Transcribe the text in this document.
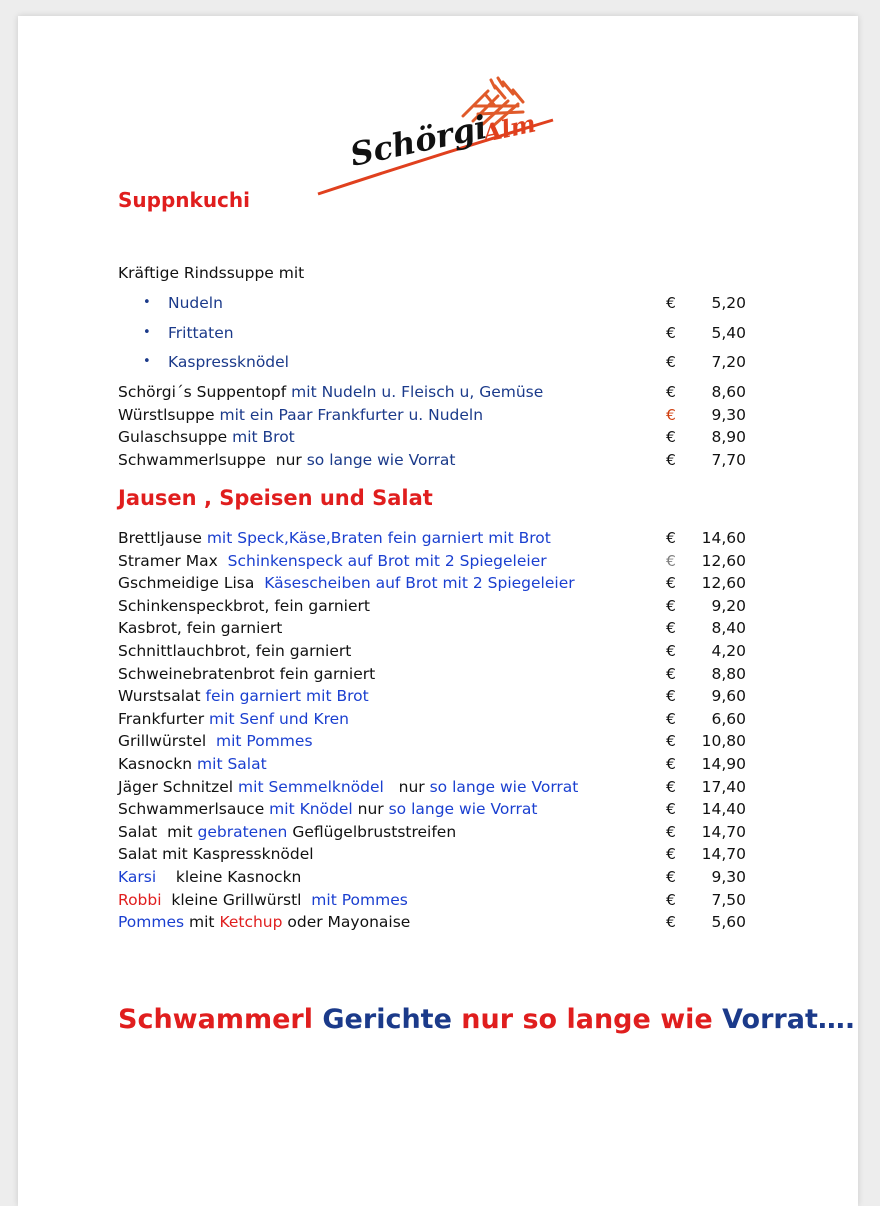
Schörgi
Alm
Suppnkuchi
Kräftige Rindssuppe mit
• Nudeln	€ 5,20
• Frittaten	€ 5,40
• Kaspressknödel	€ 7,20
Schörgi´s Suppentopf mit Nudeln u. Fleisch u, Gemüse	€ 8,60
Würstlsuppe mit ein Paar Frankfurter u. Nudeln	€ 9,30
Gulaschsuppe mit Brot	€ 8,90
Schwammerlsuppe  nur so lange wie Vorrat	€ 7,70
Jausen , Speisen und Salat
Schwammerl Gerichte nur so lange wie Vorrat….
Brettljause mit Speck,Käse,Braten fein garniert mit Brot	€ 14,60
Stramer Max  Schinkenspeck auf Brot mit 2 Spiegeleier	€ 12,60
Gschmeidige Lisa  Käsescheiben auf Brot mit 2 Spiegeleier	€ 12,60
Schinkenspeckbrot, fein garniert	€ 9,20
Kasbrot, fein garniert	€ 8,40
Schnittlauchbrot, fein garniert	€ 4,20
Schweinebratenbrot fein garniert	€ 8,80
Wurstsalat fein garniert mit Brot	€ 9,60
Frankfurter mit Senf und Kren	€ 6,60
Grillwürstel  mit Pommes	€ 10,80
Kasnockn mit Salat	€ 14,90
Jäger Schnitzel mit Semmelknödel   nur so lange wie Vorrat	€ 17,40
Schwammerlsauce mit Knödel nur so lange wie Vorrat	€ 14,40
Salat  mit gebratenen Geflügelbruststreifen	€ 14,70
Salat mit Kaspressknödel	€ 14,70
Karsi    kleine Kasnockn	€ 9,30
Robbi  kleine Grillwürstl  mit Pommes	€ 7,50
Pommes mit Ketchup oder Mayonaise	€ 5,60
